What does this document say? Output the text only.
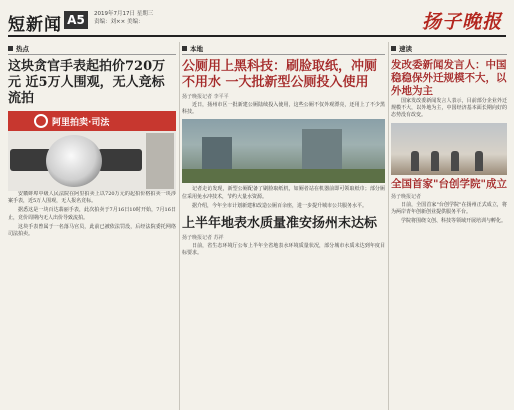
短新闻 A5	2019年7月17日 星期三
责编：刘×× 美编：	扬子晚报
热点
这块贪官手表起拍价720万元 近5万人围观，无人竞标流拍
阿里拍卖·司法

安徽蚌埠中级人民法院在阿里拍卖上以720万元的起拍价格拍卖一块涉案手表，近5万人围观，无人报名竞标。

据悉这是一块百达翡丽手表，此次拍卖于7月16日10时开始，7月16日止，竞价周期内无人出价导致流拍。

这块手表曾属于一名落马官员，此前已被依法罚没，后经法院委托网络司法拍卖。

本地
公厕用上黑科技：刷脸取纸，冲厕不用水 一大批新型公厕投入使用
扬子晚报记者 李平平

近日，扬州市区一批新建公厕陆续投入使用，这些公厕不仅外观漂亮，还用上了不少黑科技。

记者走访发现，新型公厕配备了刷脸取纸机，如厕者站在机器前即可领取纸巾；部分厕位采用免水冲技术，节约大量水资源。

据介绍，今年全市计划新建和改造公厕百余座，进一步提升城市公共服务水平。

上半年地表水质量准安扬州末达标
扬子晚报记者 苏祥

日前，省生态环境厅公布上半年全省地表水环境质量状况，部分城市水质未达到年度目标要求。

速读
发改委新闻发言人：中国稳稳保外迁规模不大，以外地为主

国家发改委新闻发言人表示，目前部分企业外迁规模不大，以外地为主，中国经济基本面长期向好的态势没有改变。

全国首家"台创学院"成立
扬子晚报记者

日前，全国首家"台创学院"在扬州正式成立，将为两岸青年创新创业提供服务平台。

学院将围绕文创、科技等领域开展培训与孵化。
